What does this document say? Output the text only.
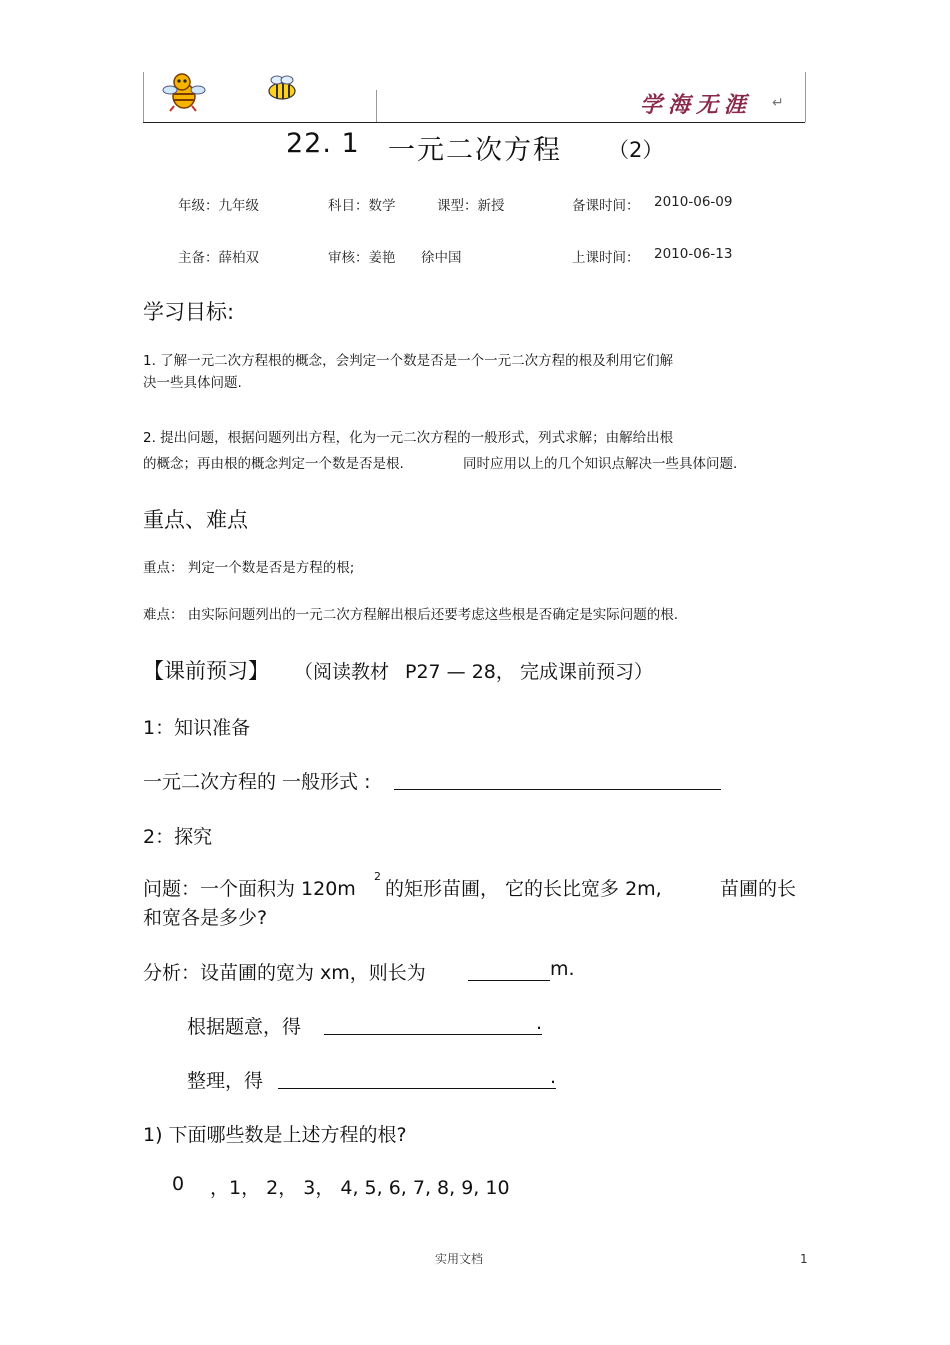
学海无涯 ↵
22. 1 一元二次方程 （2）
年级：九年级	科目：数学	课型：新授	备课时间： 2010-06-09
主备：薛柏双	审核：姜艳 徐中国	上课时间： 2010-06-13
学习目标:
1. 了解一元二次方程根的概念，会判定一个数是否是一个一元二次方程的根及利用它们解
决一些具体问题.
2. 提出问题，根据问题列出方程，化为一元二次方程的一般形式，列式求解；由解给出根
的概念；再由根的概念判定一个数是否是根.	同时应用以上的几个知识点解决一些具体问题.
重点、难点
重点： 判定一个数是否是方程的根;
难点： 由实际问题列出的一元二次方程解出根后还要考虑这些根是否确定是实际问题的根.
【课前预习】 （阅读教材 P27 — 28， 完成课前预习）
1：知识准备
一元二次方程的 一般形式 :
2：探究
问题：一个面积为 120m
2
的矩形苗圃， 它的长比宽多 2m,	苗圃的长
和宽各是多少?
分析：设苗圃的宽为 xm，则长为	m.
根据题意，得	.
整理，得	.
1) 下面哪些数是上述方程的根?
0 ，1， 2， 3， 4, 5, 6, 7, 8, 9, 10
实用文档	1
